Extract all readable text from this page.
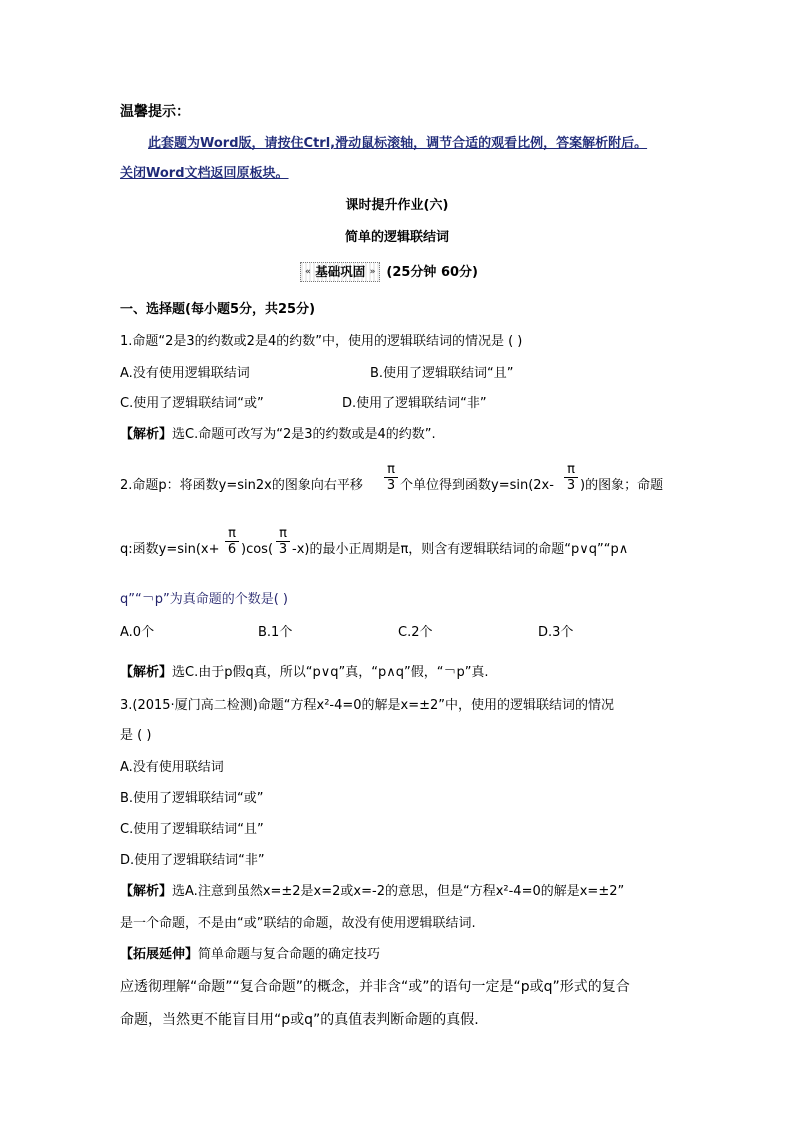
温馨提示：
此套题为Word版，请按住Ctrl,滑动鼠标滚轴，调节合适的观看比例，答案解析附后。
关闭Word文档返回原板块。
课时提升作业(六)
简单的逻辑联结词
« 基础巩固 » (25分钟 60分)
一、选择题(每小题5分，共25分)
1.命题“2是3的约数或2是4的约数”中，使用的逻辑联结词的情况是 ( )
A.没有使用逻辑联结词	B.使用了逻辑联结词“且”
C.使用了逻辑联结词“或”	D.使用了逻辑联结词“非”
【解析】选C.命题可改写为“2是3的约数或是4的约数”.
2.命题p：将函数y=sin2x的图象向右平移
π
3 个单位得到函数y=sin(2x-
π
3 )的图象；命题
q:函数y=sin(x+
π
6 )cos(
π
3 -x)的最小正周期是π，则含有逻辑联结词的命题“p∨q”“p∧
q”“￢p”为真命题的个数是( )
A.0个	B.1个	C.2个	D.3个
【解析】选C.由于p假q真，所以“p∨q”真，“p∧q”假，“￢p”真.
3.(2015·厦门高二检测)命题“方程x²-4=0的解是x=±2”中，使用的逻辑联结词的情况
是 ( )
A.没有使用联结词
B.使用了逻辑联结词“或”
C.使用了逻辑联结词“且”
D.使用了逻辑联结词“非”
【解析】选A.注意到虽然x=±2是x=2或x=-2的意思，但是“方程x²-4=0的解是x=±2”
是一个命题，不是由“或”联结的命题，故没有使用逻辑联结词.
【拓展延伸】简单命题与复合命题的确定技巧
应透彻理解“命题”“复合命题”的概念，并非含“或”的语句一定是“p或q”形式的复合
命题，当然更不能盲目用“p或q”的真值表判断命题的真假.
